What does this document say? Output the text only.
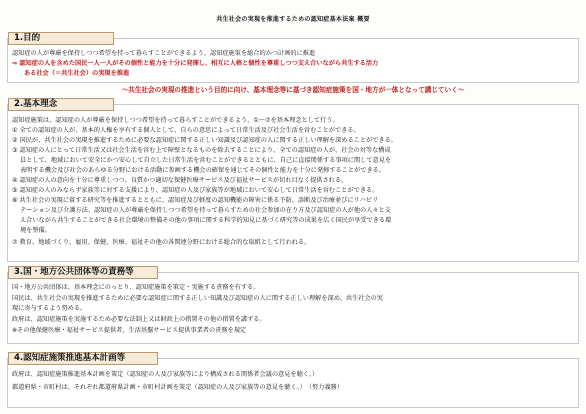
共生社会の実現を推進するための認知症基本法案 概要
1.目的
認知症の人が尊厳を保持しつつ希望を持って暮らすことができるよう、認知症施策を総合的かつ計画的に推進
⇒ 認知症の人を含めた国民一人一人がその個性と能力を十分に発揮し、相互に人格と個性を尊重しつつ支え合いながら共生する活力
ある社会（＝共生社会）の実現を推進
～共生社会の実現の推進という目的に向け、基本理念等に基づき認知症施策を国・地方が一体となって講じていく～
2.基本理念
認知症施策は、認知症の人が尊厳を保持しつつ希望を持って暮らすことができるよう、①～⑦を基本理念として行う。
① 全ての認知症の人が、基本的人権を享有する個人として、自らの意思によって日常生活及び社会生活を営むことができる。
② 国民が、共生社会の実現を推進するために必要な認知症に関する正しい知識及び認知症の人に関する正しい理解を深めることができる。
③ 認知症の人にとって日常生活又は社会生活を営む上で障壁となるものを除去することにより、全ての認知症の人が、社会の対等な構成
員として、地域において安全にかつ安心して自立した日常生活を営むことができるとともに、自己に直接関係する事項に関して意見を
表明する機会及び社会のあらゆる分野における活動に参画する機会の確保を通じてその個性と能力を十分に発揮することができる。
④ 認知症の人の意向を十分に尊重しつつ、良質かつ適切な保健医療サービス及び福祉サービスが切れ目なく提供される。
⑤ 認知症の人のみならず家族等に対する支援により、認知症の人及び家族等が地域において安心して日常生活を営むことができる。
⑥ 共生社会の実現に資する研究等を推進するとともに、認知症及び軽度の認知機能の障害に係る予防、診断及び治療並びにリハビリ
テーション及び介護方法、認知症の人が尊厳を保持しつつ希望を持って暮らすための社会参加の在り方及び認知症の人が他の人々と支
え合いながら共生することができる社会環境の整備その他の事項に関する科学的知見に基づく研究等の成果を広く国民が享受できる環
境を整備。
⑦ 教育、地域づくり、雇用、保健、医療、福祉その他の各関連分野における総合的な取組として行われる。
3.国・地方公共団体等の責務等
国・地方公共団体は、基本理念にのっとり、認知症施策を策定・実施する責務を有する。
国民は、共生社会の実現を推進するために必要な認知症に関する正しい知識及び認知症の人に関する正しい理解を深め、共生社会の実
現に寄与するよう努める。
政府は、認知症施策を実施するため必要な法制上又は財政上の措置その他の措置を講ずる。
※その他保健医療・福祉サービス提供者、生活基盤サービス提供事業者の責務を規定
4.認知症施策推進基本計画等
政府は、認知症施策推進基本計画を策定（認知症の人及び家族等により構成される関係者会議の意見を聴く。）
都道府県・市町村は、それぞれ都道府県計画・市町村計画を策定（認知症の人及び家族等の意見を聴く。）　（努力義務）
